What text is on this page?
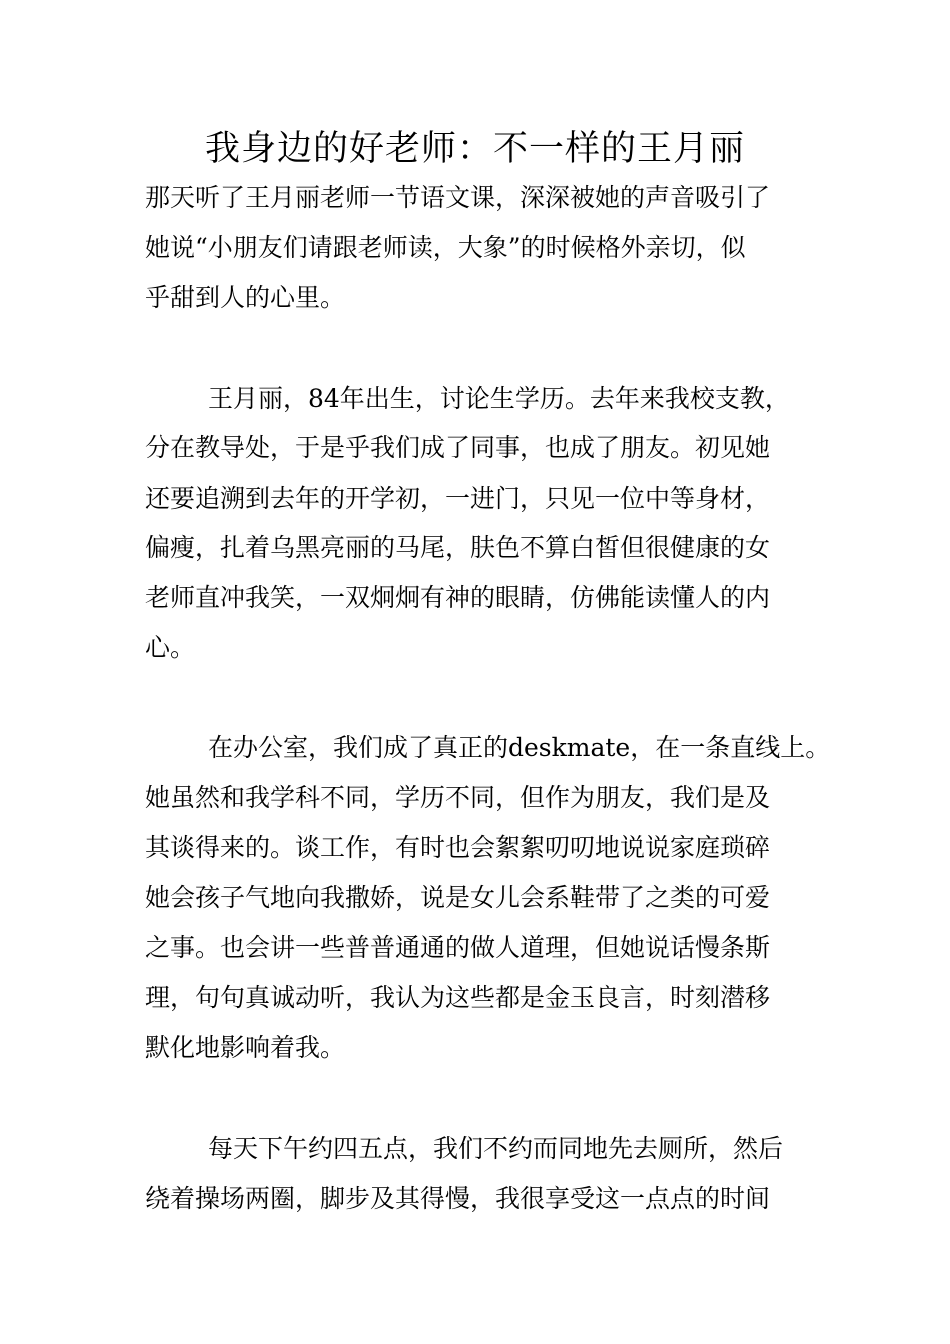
我身边的好老师：不一样的王月丽
那天听了王月丽老师一节语文课，深深被她的声音吸引了
她说“小朋友们请跟老师读，大象”的时候格外亲切，似
乎甜到人的心里。
王月丽，84年出生，讨论生学历。去年来我校支教，
分在教导处，于是乎我们成了同事，也成了朋友。初见她
还要追溯到去年的开学初，一进门，只见一位中等身材，
偏瘦，扎着乌黑亮丽的马尾，肤色不算白皙但很健康的女
老师直冲我笑，一双炯炯有神的眼睛，仿佛能读懂人的内
心。
在办公室，我们成了真正的deskmate，在一条直线上。
她虽然和我学科不同，学历不同，但作为朋友，我们是及
其谈得来的。谈工作，有时也会絮絮叨叨地说说家庭琐碎
她会孩子气地向我撒娇，说是女儿会系鞋带了之类的可爱
之事。也会讲一些普普通通的做人道理，但她说话慢条斯
理，句句真诚动听，我认为这些都是金玉良言，时刻潜移
默化地影响着我。
每天下午约四五点，我们不约而同地先去厕所，然后
绕着操场两圈，脚步及其得慢，我很享受这一点点的时间
